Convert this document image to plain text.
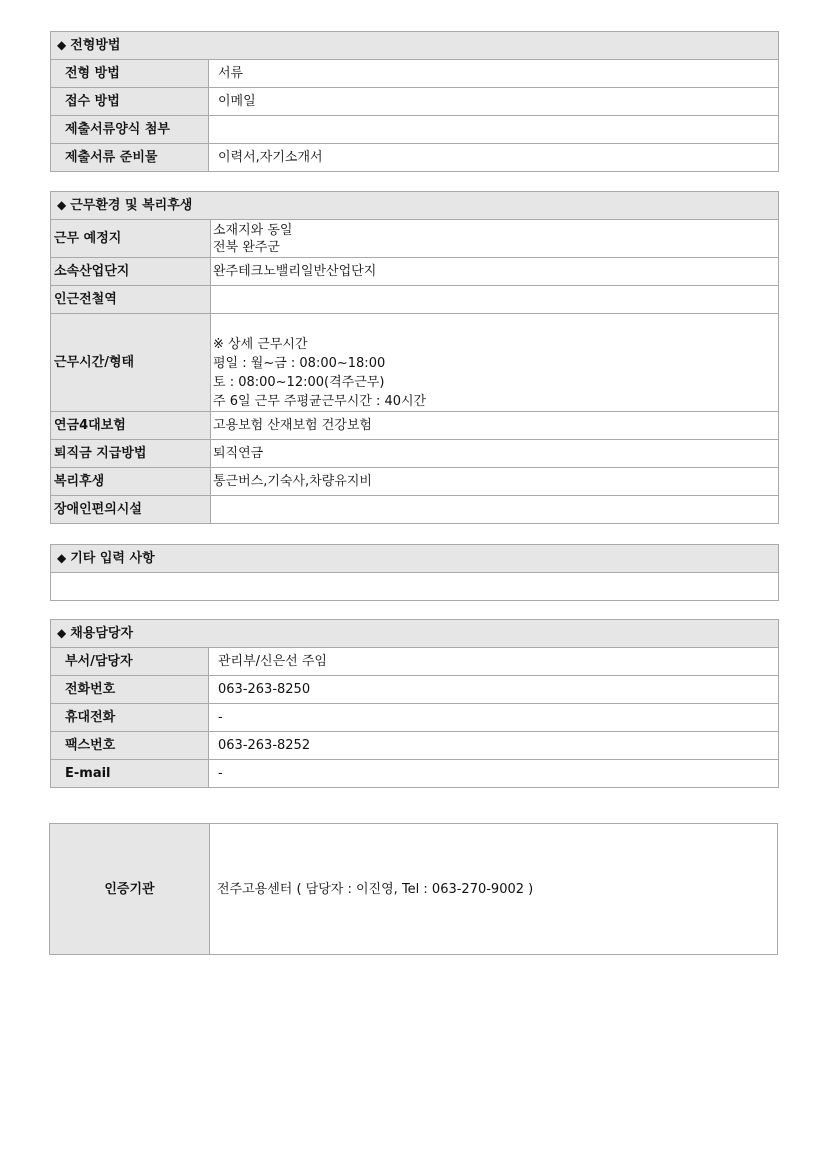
◆ 전형방법	
전형 방법	서류
접수 방법	이메일
제출서류양식 첨부	
제출서류 준비물	이력서,자기소개서
◆ 근무환경 및 복리후생	
근무 예정지	소재지와 동일
전북 완주군

소속산업단지	완주테크노밸리일반산업단지
인근전철역	
근무시간/형태	※ 상세 근무시간
평일 : 월~금 : 08:00~18:00
토 : 08:00~12:00(격주근무)
주 6일 근무 주평균근무시간 : 40시간

연금4대보험	고용보험 산재보험 건강보험
퇴직금 지급방법	퇴직연금
복리후생	통근버스,기숙사,차량유지비
장애인편의시설	
◆ 기타 입력 사항

◆ 채용담당자	
부서/담당자	관리부/신은선 주임
전화번호	063-263-8250
휴대전화	-
팩스번호	063-263-8252
E-mail	-
인증기관	전주고용센터 ( 담당자 : 이진영, Tel : 063-270-9002 )
